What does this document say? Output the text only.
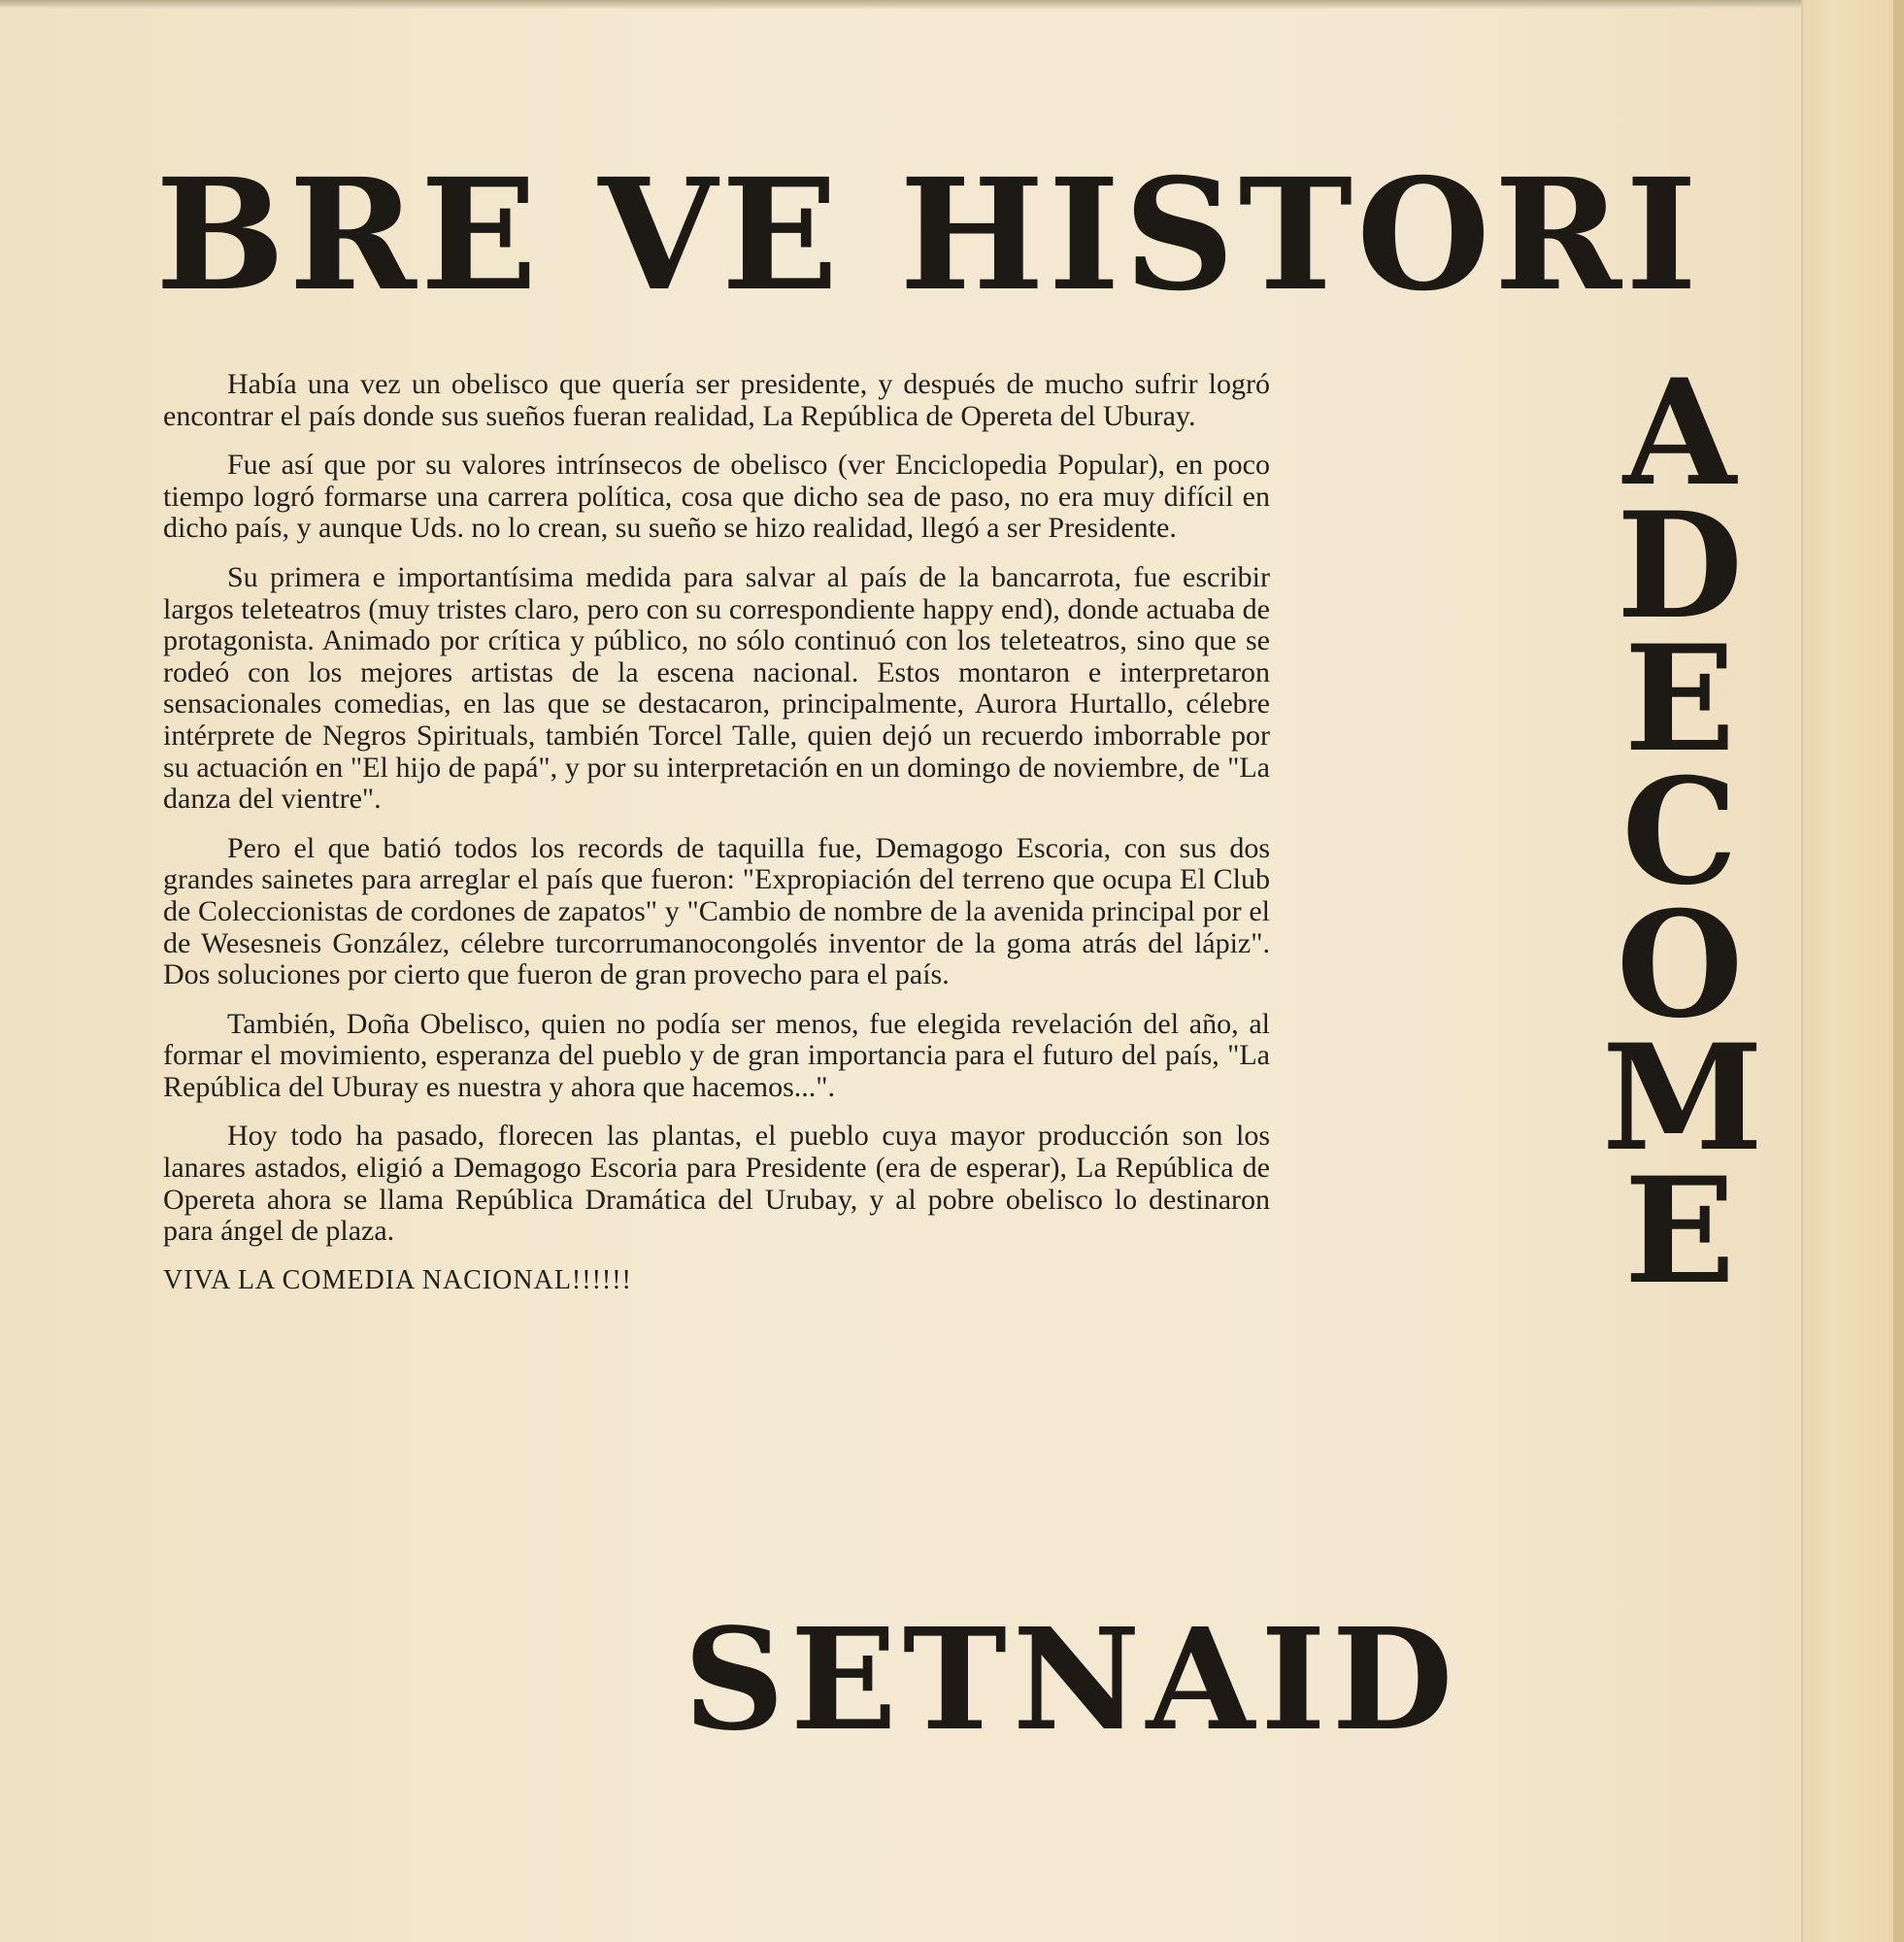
BRE VE HISTORI
A
D
E
C
O
M
E

Había una vez un obelisco que quería ser presidente, y después de mucho sufrir logró encontrar el país donde sus sueños fueran realidad, La República de Opereta del Uburay.

Fue así que por su valores intrínsecos de obelisco (ver Enciclopedia Popular), en poco tiempo logró formarse una carrera política, cosa que dicho sea de paso, no era muy difícil en dicho país, y aunque Uds. no lo crean, su sueño se hizo realidad, llegó a ser Presidente.

Su primera e importantísima medida para salvar al país de la bancarrota, fue escribir largos teleteatros (muy tristes claro, pero con su correspondiente happy end), donde actuaba de protagonista. Animado por crítica y público, no sólo continuó con los teleteatros, sino que se rodeó con los mejores artistas de la escena nacional. Estos montaron e interpretaron sensacionales comedias, en las que se destacaron, principalmente, Aurora Hurtallo, célebre intérprete de Negros Spirituals, también Torcel Talle, quien dejó un recuerdo imborrable por su actuación en "El hijo de papá", y por su interpretación en un domingo de noviembre, de "La danza del vientre".

Pero el que batió todos los records de taquilla fue, Demagogo Escoria, con sus dos grandes sainetes para arreglar el país que fueron: "Expropiación del terreno que ocupa El Club de Coleccionistas de cordones de zapatos" y "Cambio de nombre de la avenida principal por el de Wesesneis González, célebre turcorrumanocongolés inventor de la goma atrás del lápiz". Dos soluciones por cierto que fueron de gran provecho para el país.

También, Doña Obelisco, quien no podía ser menos, fue elegida revelación del año, al formar el movimiento, esperanza del pueblo y de gran importancia para el futuro del país, "La República del Uburay es nuestra y ahora que hacemos...".

Hoy todo ha pasado, florecen las plantas, el pueblo cuya mayor producción son los lanares astados, eligió a Demagogo Escoria para Presidente (era de esperar), La República de Opereta ahora se llama República Dramática del Urubay, y al pobre obelisco lo destinaron para ángel de plaza.

VIVA LA COMEDIA NACIONAL!!!!!!

SETNAID
